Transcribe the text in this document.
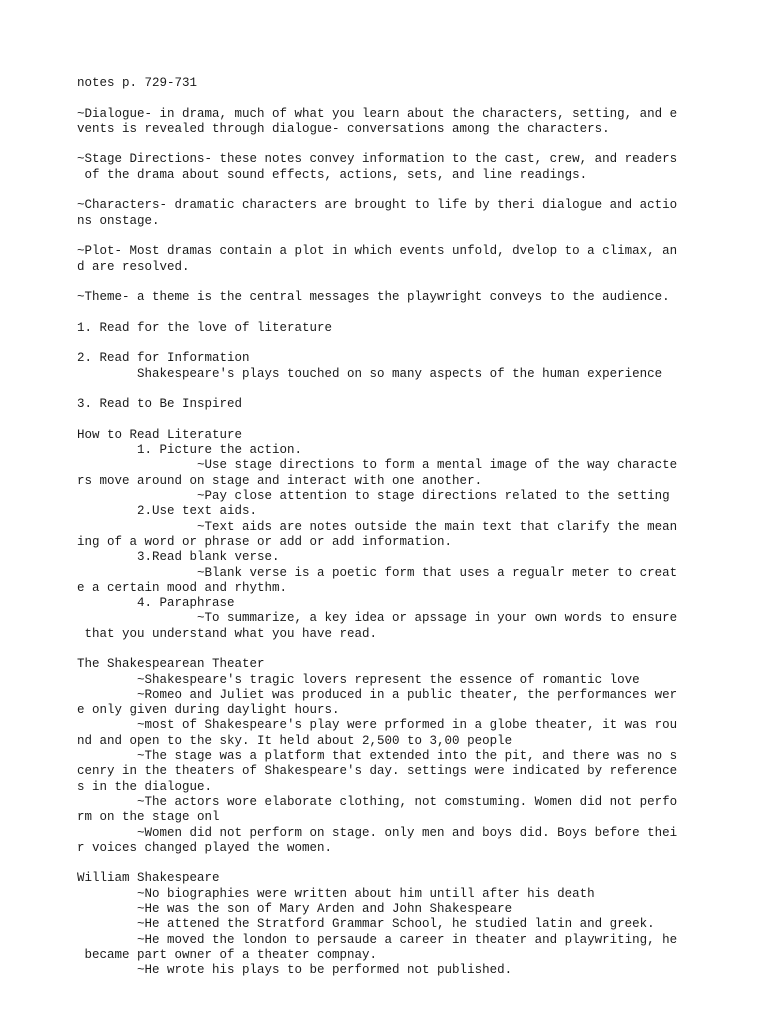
notes p. 729-731
~Dialogue- in drama, much of what you learn about the characters, setting, and e
vents is revealed through dialogue- conversations among the characters.
~Stage Directions- these notes convey information to the cast, crew, and readers
of the drama about sound effects, actions, sets, and line readings.
~Characters- dramatic characters are brought to life by theri dialogue and actio
ns onstage.
~Plot- Most dramas contain a plot in which events unfold, dvelop to a climax, an
d are resolved.
~Theme- a theme is the central messages the playwright conveys to the audience.
1. Read for the love of literature
2. Read for Information
Shakespeare's plays touched on so many aspects of the human experience
3. Read to Be Inspired
How to Read Literature
1. Picture the action.
~Use stage directions to form a mental image of the way characte
rs move around on stage and interact with one another.
~Pay close attention to stage directions related to the setting
2.Use text aids.
~Text aids are notes outside the main text that clarify the mean
ing of a word or phrase or add or add information.
3.Read blank verse.
~Blank verse is a poetic form that uses a regualr meter to creat
e a certain mood and rhythm.
4. Paraphrase
~To summarize, a key idea or apssage in your own words to ensure
that you understand what you have read.
The Shakespearean Theater
~Shakespeare's tragic lovers represent the essence of romantic love
~Romeo and Juliet was produced in a public theater, the performances wer
e only given during daylight hours.
~most of Shakespeare's play were prformed in a globe theater, it was rou
nd and open to the sky. It held about 2,500 to 3,00 people
~The stage was a platform that extended into the pit, and there was no s
cenry in the theaters of Shakespeare's day. settings were indicated by reference
s in the dialogue.
~The actors wore elaborate clothing, not comstuming. Women did not perfo
rm on the stage onl
~Women did not perform on stage. only men and boys did. Boys before thei
r voices changed played the women.
William Shakespeare
~No biographies were written about him untill after his death
~He was the son of Mary Arden and John Shakespeare
~He attened the Stratford Grammar School, he studied latin and greek.
~He moved the london to persaude a career in theater and playwriting, he
became part owner of a theater compnay.
~He wrote his plays to be performed not published.
